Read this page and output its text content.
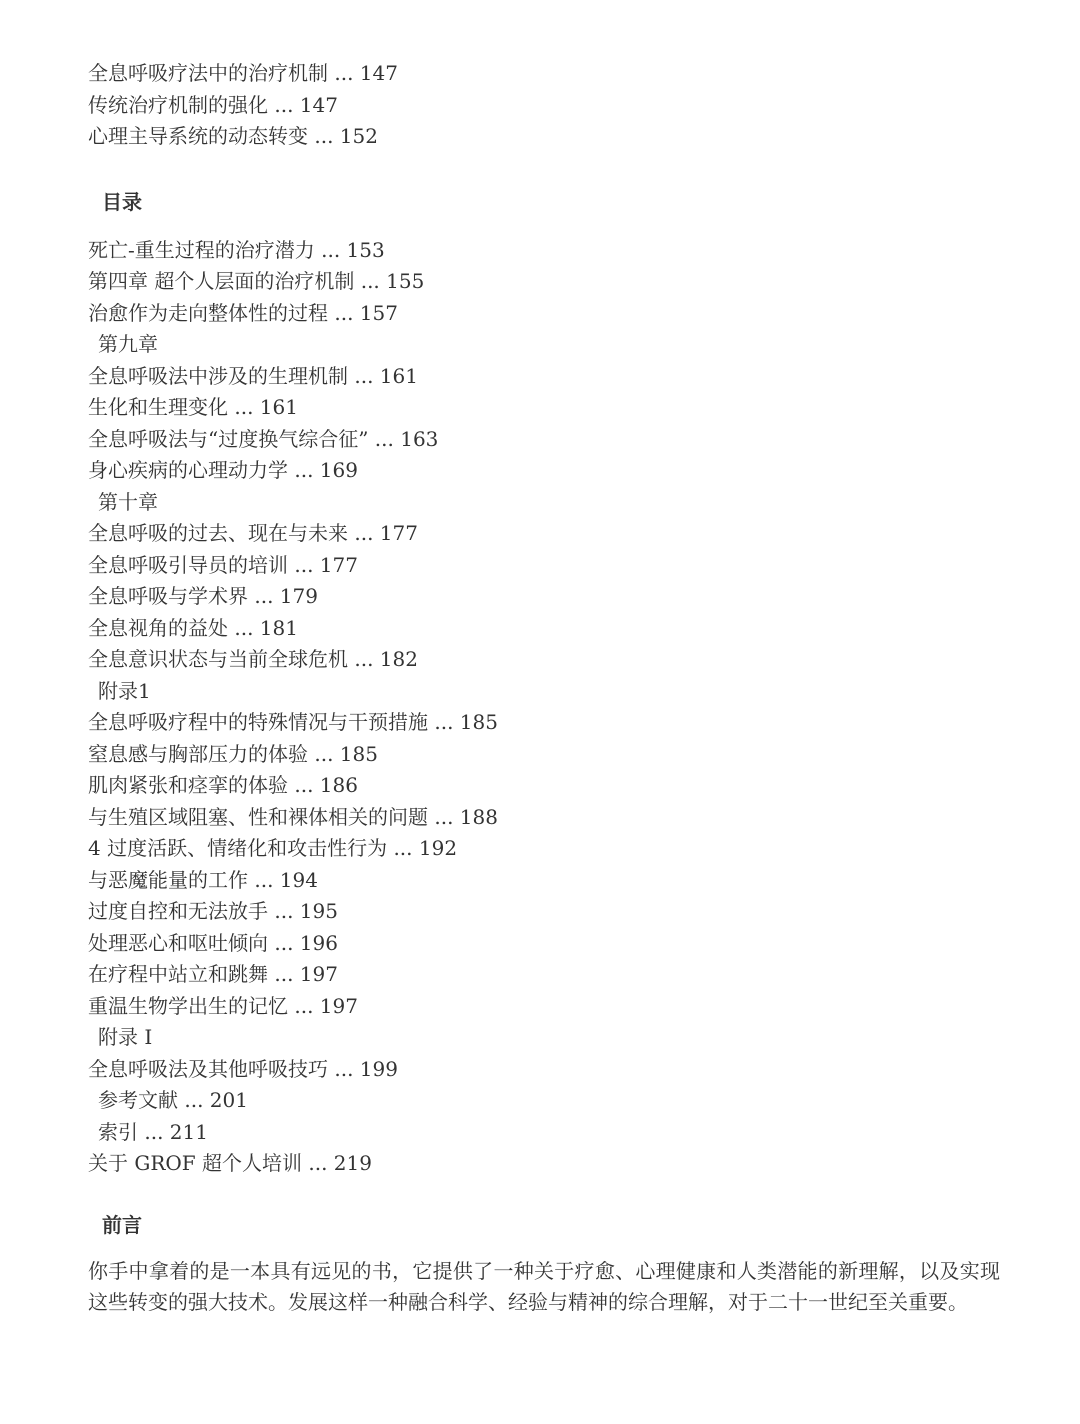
全息呼吸疗法中的治疗机制 ... 147
传统治疗机制的强化 ... 147
心理主导系统的动态转变 ... 152
目录
死亡-重生过程的治疗潜力 ... 153
第四章 超个人层面的治疗机制 ... 155
治愈作为走向整体性的过程 ... 157
第九章
全息呼吸法中涉及的生理机制 ... 161
生化和生理变化 ... 161
全息呼吸法与“过度换气综合征” ... 163
身心疾病的心理动力学 ... 169
第十章
全息呼吸的过去、现在与未来 ... 177
全息呼吸引导员的培训 ... 177
全息呼吸与学术界 ... 179
全息视角的益处 ... 181
全息意识状态与当前全球危机 ... 182
附录1
全息呼吸疗程中的特殊情况与干预措施 ... 185
窒息感与胸部压力的体验 ... 185
肌肉紧张和痉挛的体验 ... 186
与生殖区域阻塞、性和裸体相关的问题 ... 188
4 过度活跃、情绪化和攻击性行为 ... 192
与恶魔能量的工作 ... 194
过度自控和无法放手 ... 195
处理恶心和呕吐倾向 ... 196
在疗程中站立和跳舞 ... 197
重温生物学出生的记忆 ... 197
附录 I
全息呼吸法及其他呼吸技巧 ... 199
参考文献 ... 201
索引 ... 211
关于 GROF 超个人培训 ... 219
前言
你手中拿着的是一本具有远见的书，它提供了一种关于疗愈、心理健康和人类潜能的新理解，以及实现这些转变的强大技术。发展这样一种融合科学、经验与精神的综合理解，对于二十一世纪至关重要。
